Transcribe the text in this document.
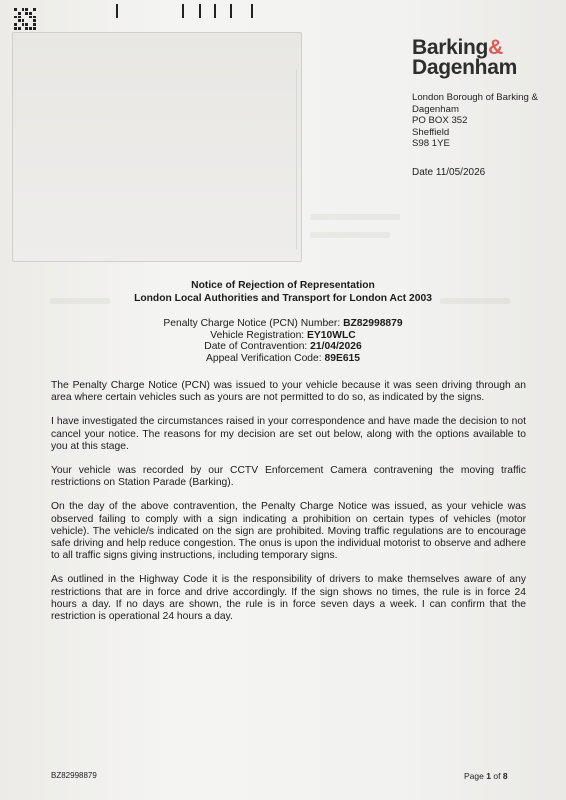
Barking&
Dagenham
London Borough of Barking &
Dagenham
PO BOX 352
Sheffield
S98 1YE
Date 11/05/2026
Notice of Rejection of Representation
London Local Authorities and Transport for London Act 2003
Penalty Charge Notice (PCN) Number: BZ82998879
Vehicle Registration: EY10WLC
Date of Contravention: 21/04/2026
Appeal Verification Code: 89E615

The Penalty Charge Notice (PCN) was issued to your vehicle because it was seen driving through an area where certain vehicles such as yours are not permitted to do so, as indicated by the signs.

I have investigated the circumstances raised in your correspondence and have made the decision to not cancel your notice. The reasons for my decision are set out below, along with the options available to you at this stage.

Your vehicle was recorded by our CCTV Enforcement Camera contravening the moving traffic restrictions on Station Parade (Barking).

On the day of the above contravention, the Penalty Charge Notice was issued, as your vehicle was observed failing to comply with a sign indicating a prohibition on certain types of vehicles (motor vehicle). The vehicle/s indicated on the sign are prohibited. Moving traffic regulations are to encourage safe driving and help reduce congestion. The onus is upon the individual motorist to observe and adhere to all traffic signs giving instructions, including temporary signs.

As outlined in the Highway Code it is the responsibility of drivers to make themselves aware of any restrictions that are in force and drive accordingly. If the sign shows no times, the rule is in force 24 hours a day. If no days are shown, the rule is in force seven days a week. I can confirm that the restriction is operational 24 hours a day.

BZ82998879	Page 1 of 8
